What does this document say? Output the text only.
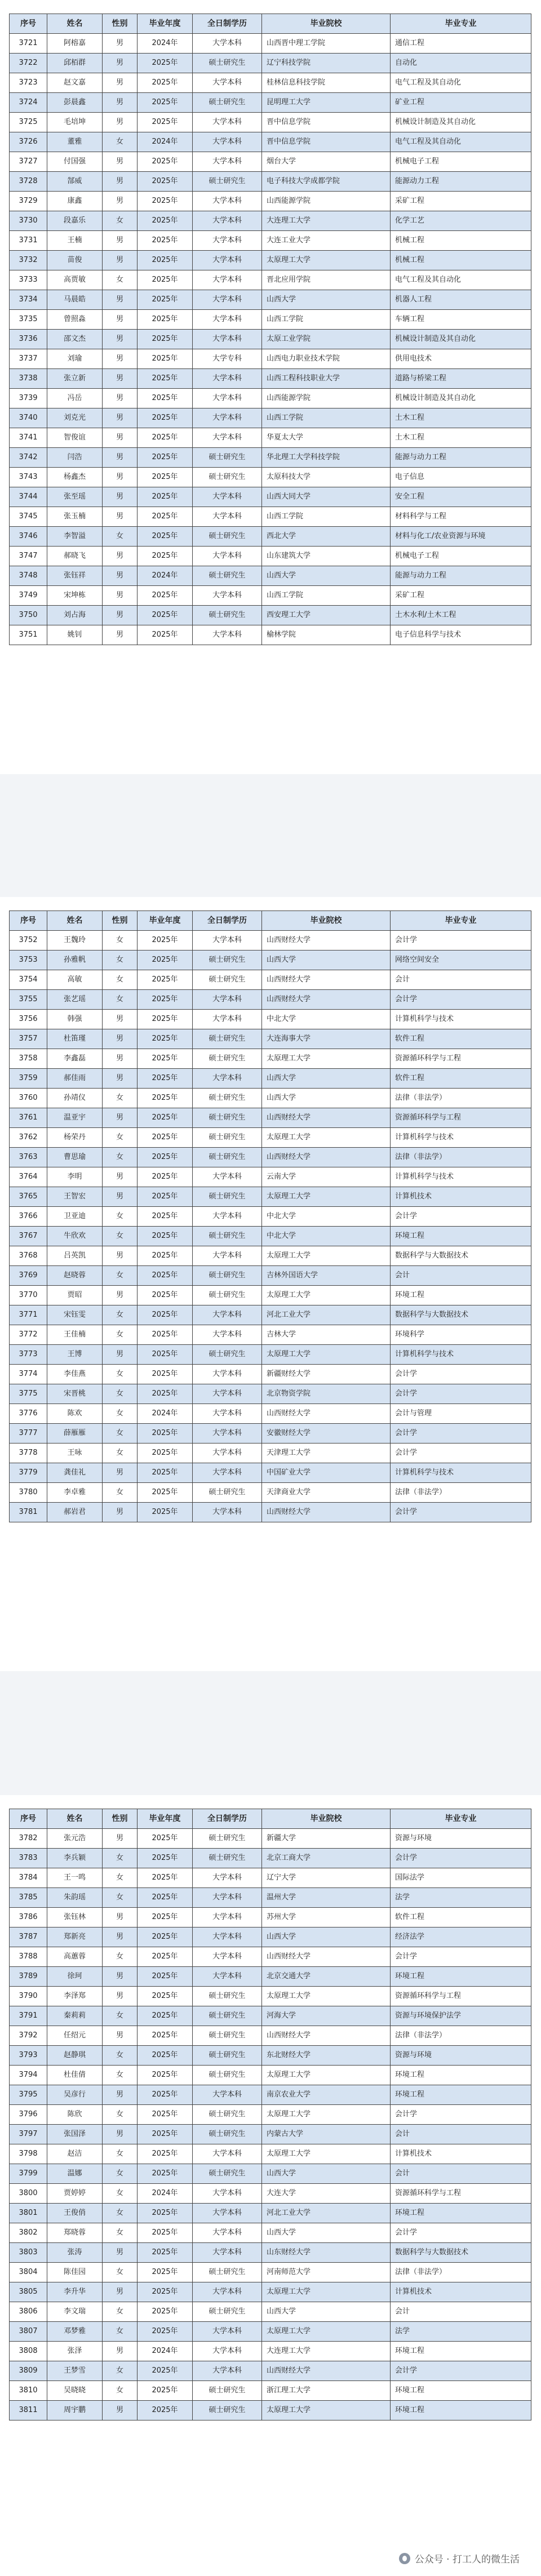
序号	姓名	性别	毕业年度	全日制学历	毕业院校	毕业专业
3721	阿榕嘉	男	2024年	大学本科	山西晋中理工学院	通信工程
3722	邱栢群	男	2025年	硕士研究生	辽宁科技学院	自动化
3723	赵文嘉	男	2025年	大学本科	桂林信息科技学院	电气工程及其自动化
3724	彭晨鑫	男	2025年	硕士研究生	昆明理工大学	矿业工程
3725	毛培坤	男	2025年	大学本科	晋中信息学院	机械设计制造及其自动化
3726	董雅	女	2024年	大学本科	晋中信息学院	电气工程及其自动化
3727	付国强	男	2025年	大学本科	烟台大学	机械电子工程
3728	郜威	男	2025年	硕士研究生	电子科技大学成都学院	能源动力工程
3729	康鑫	男	2025年	大学本科	山西能源学院	采矿工程
3730	段嘉乐	女	2025年	大学本科	大连理工大学	化学工艺
3731	王楠	男	2025年	大学本科	大连工业大学	机械工程
3732	苗俊	男	2025年	大学本科	太原理工大学	机械工程
3733	高贾敏	女	2025年	大学本科	晋北应用学院	电气工程及其自动化
3734	马晨皓	男	2025年	大学本科	山西大学	机器人工程
3735	曾照淼	男	2025年	大学本科	山西工学院	车辆工程
3736	邵文杰	男	2025年	大学本科	太原工业学院	机械设计制造及其自动化
3737	刘瑜	男	2025年	大学专科	山西电力职业技术学院	供用电技术
3738	张立新	男	2025年	大学本科	山西工程科技职业大学	道路与桥梁工程
3739	冯岳	男	2025年	大学本科	山西能源学院	机械设计制造及其自动化
3740	刘克光	男	2025年	大学本科	山西工学院	土木工程
3741	智俊谊	男	2025年	大学本科	华夏太大学	土木工程
3742	闫浩	男	2025年	硕士研究生	华北理工大学科技学院	能源与动力工程
3743	杨鑫杰	男	2025年	硕士研究生	太原科技大学	电子信息
3744	张至瑶	男	2025年	大学本科	山西大同大学	安全工程
3745	张玉楠	男	2025年	大学本科	山西工学院	材料科学与工程
3746	李智溢	女	2025年	硕士研究生	西北大学	材料与化工/农业资源与环境
3747	郝晓飞	男	2025年	大学本科	山东建筑大学	机械电子工程
3748	张钰祥	男	2024年	硕士研究生	山西大学	能源与动力工程
3749	宋坤栋	男	2025年	大学本科	山西工学院	采矿工程
3750	刘占海	男	2025年	硕士研究生	西安理工大学	土木水利/土木工程
3751	姚钊	男	2025年	大学本科	榆林学院	电子信息科学与技术
序号	姓名	性别	毕业年度	全日制学历	毕业院校	毕业专业
3752	王魏玲	女	2025年	大学本科	山西财经大学	会计学
3753	孙雅帆	女	2025年	硕士研究生	山西大学	网络空间安全
3754	高敏	女	2025年	硕士研究生	山西财经大学	会计
3755	张艺瑶	女	2025年	大学本科	山西财经大学	会计学
3756	韩强	男	2025年	大学本科	中北大学	计算机科学与技术
3757	杜笛瑾	男	2025年	硕士研究生	大连海事大学	软件工程
3758	李鑫磊	男	2025年	硕士研究生	太原理工大学	资源循环科学与工程
3759	郝佳雨	男	2025年	大学本科	山西大学	软件工程
3760	孙靖仪	女	2025年	硕士研究生	山西大学	法律（非法学）
3761	温亚宇	男	2025年	硕士研究生	山西财经大学	资源循环科学与工程
3762	杨荣丹	女	2025年	硕士研究生	太原理工大学	计算机科学与技术
3763	曹思瑜	女	2025年	硕士研究生	山西财经大学	法律（非法学）
3764	李明	男	2025年	大学本科	云南大学	计算机科学与技术
3765	王智宏	男	2025年	硕士研究生	太原理工大学	计算机技术
3766	卫亚迪	女	2025年	大学本科	中北大学	会计学
3767	牛欣欢	女	2025年	硕士研究生	中北大学	环境工程
3768	吕英凯	男	2025年	大学本科	太原理工大学	数据科学与大数据技术
3769	赵晓蓉	女	2025年	硕士研究生	吉林外国语大学	会计
3770	贾昭	男	2025年	硕士研究生	太原理工大学	环境工程
3771	宋钰雯	女	2025年	大学本科	河北工业大学	数据科学与大数据技术
3772	王佳楠	女	2025年	大学本科	吉林大学	环境科学
3773	王博	男	2025年	硕士研究生	太原理工大学	计算机科学与技术
3774	李佳燕	女	2025年	大学本科	新疆财经大学	会计学
3775	宋晋桃	女	2025年	大学本科	北京物资学院	会计学
3776	陈欢	女	2024年	大学本科	山西财经大学	会计与管理
3777	薛雁雁	女	2025年	大学本科	安徽财经大学	会计学
3778	王咏	女	2025年	大学本科	天津理工大学	会计学
3779	龚佳礼	男	2025年	大学本科	中国矿业大学	计算机科学与技术
3780	李卓雅	女	2025年	硕士研究生	天津商业大学	法律（非法学）
3781	郝岩君	男	2025年	大学本科	山西财经大学	会计学
序号	姓名	性别	毕业年度	全日制学历	毕业院校	毕业专业
3782	张元浩	男	2025年	硕士研究生	新疆大学	资源与环境
3783	李兵颖	女	2025年	硕士研究生	北京工商大学	会计学
3784	王一鸣	女	2025年	大学本科	辽宁大学	国际法学
3785	朱韵瑶	女	2025年	大学本科	温州大学	法学
3786	张钰林	男	2025年	大学本科	苏州大学	软件工程
3787	郑新亮	男	2025年	大学本科	山西大学	经济法学
3788	高蕙蓉	女	2025年	大学本科	山西财经大学	会计学
3789	徐珂	男	2025年	大学本科	北京交通大学	环境工程
3790	李泽郑	男	2025年	硕士研究生	太原理工大学	资源循环科学与工程
3791	秦莉莉	女	2025年	硕士研究生	河海大学	资源与环境保护法学
3792	任绍元	男	2025年	硕士研究生	山西财经大学	法律（非法学）
3793	赵静琪	女	2025年	硕士研究生	东北财经大学	资源与环境
3794	杜佳倩	女	2025年	硕士研究生	太原理工大学	环境工程
3795	吴彦行	男	2025年	大学本科	南京农业大学	环境工程
3796	陈欣	女	2025年	硕士研究生	太原理工大学	会计学
3797	张国泽	男	2025年	硕士研究生	内蒙古大学	会计
3798	赵洁	女	2025年	大学本科	太原理工大学	计算机技术
3799	温娜	女	2025年	硕士研究生	山西大学	会计
3800	贾婷婷	女	2024年	大学本科	大连大学	资源循环科学与工程
3801	王俊俏	女	2025年	大学本科	河北工业大学	环境工程
3802	郑晓蓉	女	2025年	大学本科	山西大学	会计学
3803	张涛	男	2025年	大学本科	山东财经大学	数据科学与大数据技术
3804	陈佳园	女	2025年	硕士研究生	河南师范大学	法律（非法学）
3805	李升华	男	2025年	大学本科	太原理工大学	计算机技术
3806	李文瑞	女	2025年	硕士研究生	山西大学	会计
3807	邓梦雅	女	2025年	大学本科	太原理工大学	法学
3808	张泽	男	2024年	大学本科	大连理工大学	环境工程
3809	王梦雪	女	2025年	大学本科	山西财经大学	会计学
3810	吴晓晓	女	2025年	硕士研究生	浙江理工大学	环境工程
3811	周宇鹏	男	2025年	硕士研究生	太原理工大学	环境工程
公众号 · 打工人的微生活
